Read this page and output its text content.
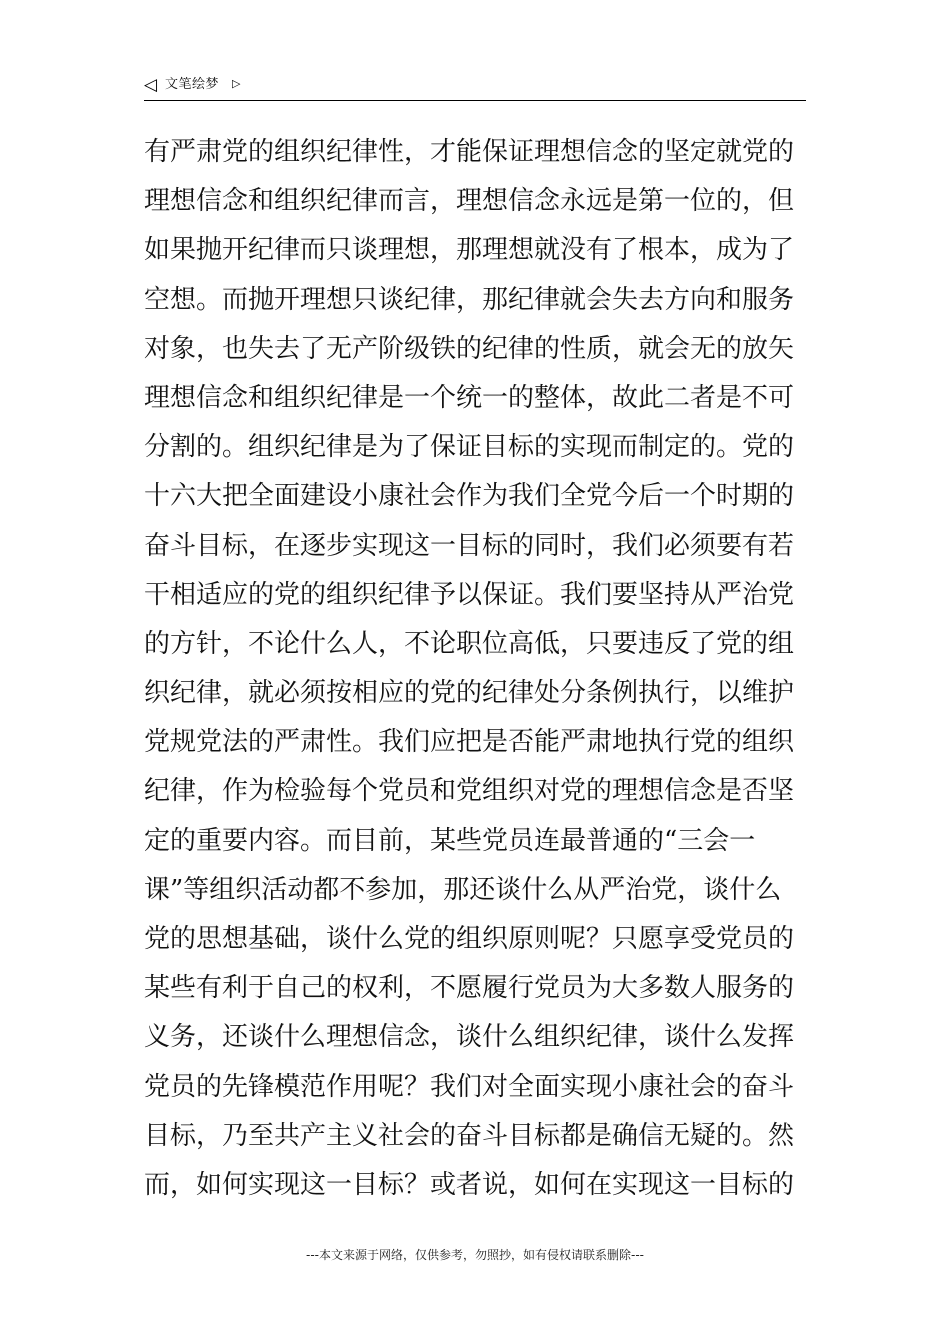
◁ 文笔绘梦 ▷
有严肃党的组织纪律性，才能保证理想信念的坚定就党的
理想信念和组织纪律而言，理想信念永远是第一位的，但
如果抛开纪律而只谈理想，那理想就没有了根本，成为了
空想。而抛开理想只谈纪律，那纪律就会失去方向和服务
对象，也失去了无产阶级铁的纪律的性质，就会无的放矢
理想信念和组织纪律是一个统一的整体，故此二者是不可
分割的。组织纪律是为了保证目标的实现而制定的。党的
十六大把全面建设小康社会作为我们全党今后一个时期的
奋斗目标，在逐步实现这一目标的同时，我们必须要有若
干相适应的党的组织纪律予以保证。我们要坚持从严治党
的方针，不论什么人，不论职位高低，只要违反了党的组
织纪律，就必须按相应的党的纪律处分条例执行，以维护
党规党法的严肃性。我们应把是否能严肃地执行党的组织
纪律，作为检验每个党员和党组织对党的理想信念是否坚
定的重要内容。而目前，某些党员连最普通的“三会一
课”等组织活动都不参加，那还谈什么从严治党，谈什么
党的思想基础，谈什么党的组织原则呢？只愿享受党员的
某些有利于自己的权利，不愿履行党员为大多数人服务的
义务，还谈什么理想信念，谈什么组织纪律，谈什么发挥
党员的先锋模范作用呢？我们对全面实现小康社会的奋斗
目标，乃至共产主义社会的奋斗目标都是确信无疑的。然
而，如何实现这一目标？或者说，如何在实现这一目标的
---本文来源于网络，仅供参考，勿照抄，如有侵权请联系删除---
